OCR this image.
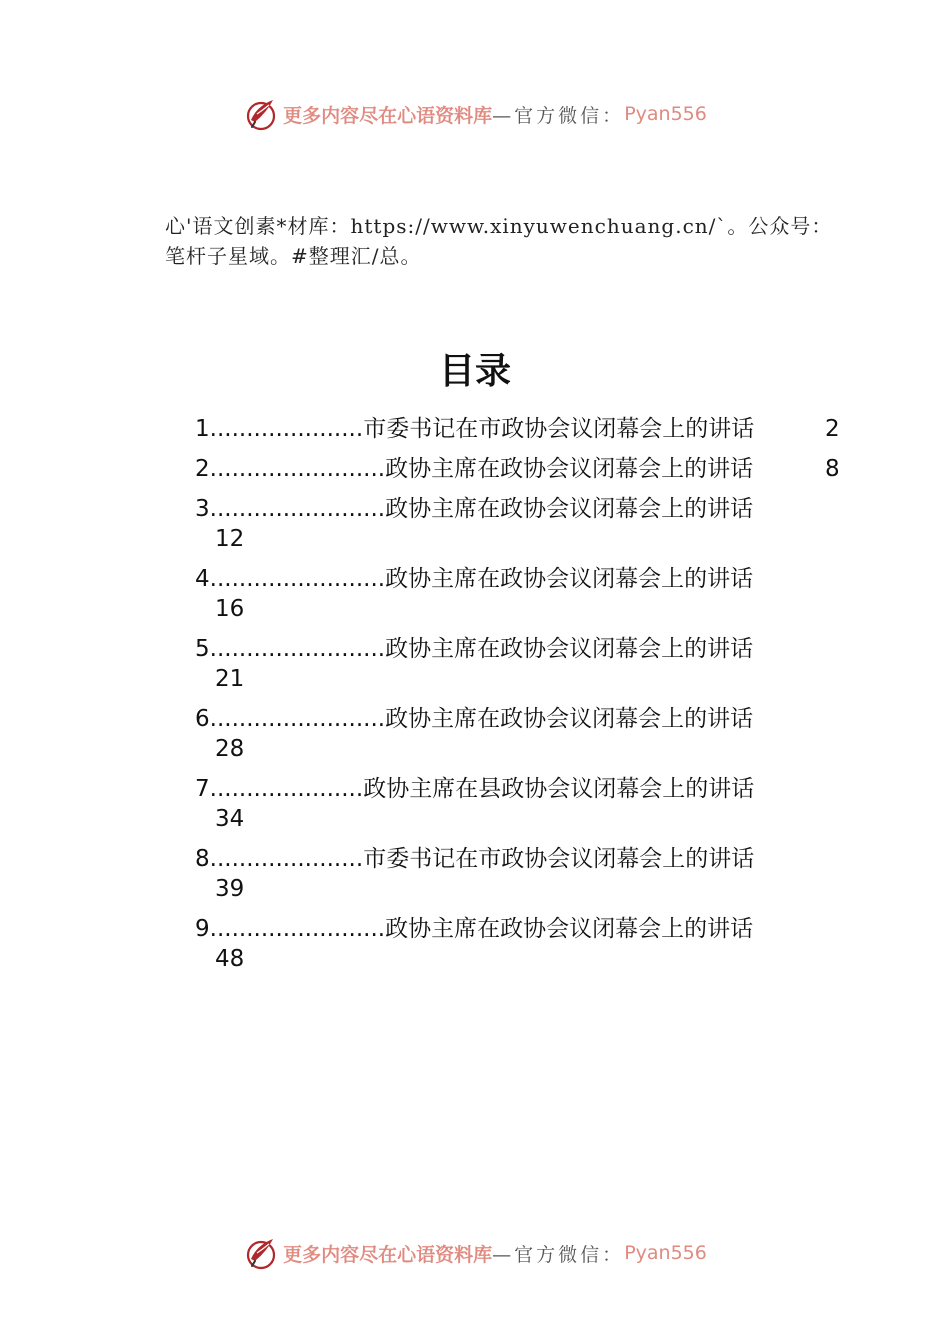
更多内容尽在心语资料库 —官方微信： Pyan556
心'语文创素*材库：https://www.xinyuwenchuang.cn/`。公众号：笔杆子星域。#整理汇/总。
目录
1.....................市委书记在市政协会议闭幕会上的讲话	2
2........................政协主席在政协会议闭幕会上的讲话	8
3........................政协主席在政协会议闭幕会上的讲话
12
4........................政协主席在政协会议闭幕会上的讲话
16
5........................政协主席在政协会议闭幕会上的讲话
21
6........................政协主席在政协会议闭幕会上的讲话
28
7.....................政协主席在县政协会议闭幕会上的讲话
34
8.....................市委书记在市政协会议闭幕会上的讲话
39
9........................政协主席在政协会议闭幕会上的讲话
48
更多内容尽在心语资料库 —官方微信： Pyan556
